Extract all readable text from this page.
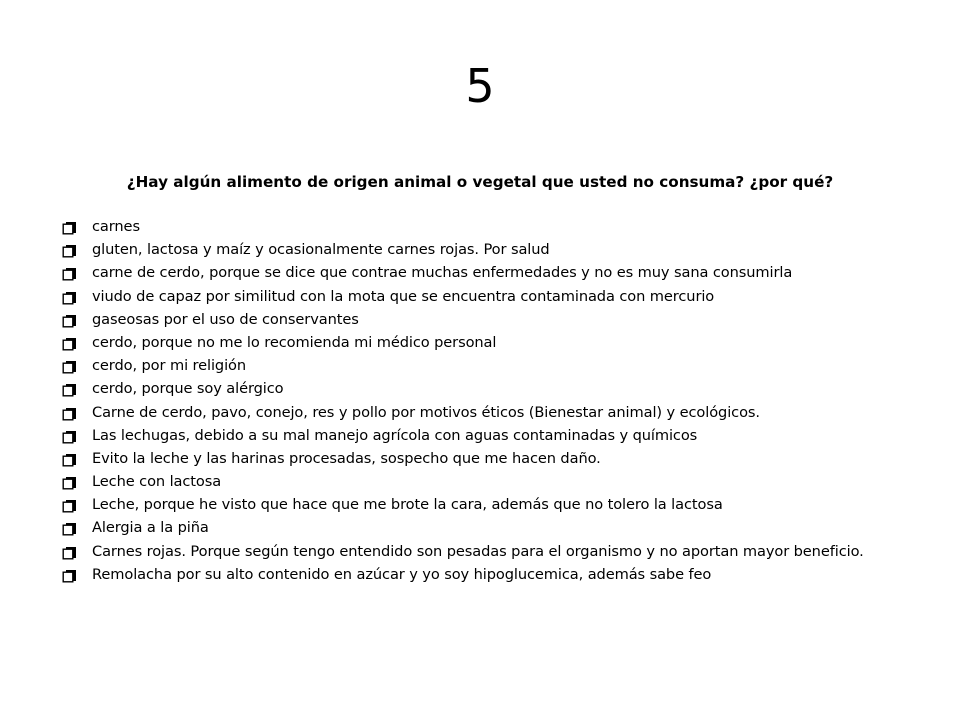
5

¿Hay algún alimento de origen animal o vegetal que usted no consuma? ¿por qué?

carnes
gluten, lactosa y maíz y ocasionalmente carnes rojas. Por salud
carne de cerdo, porque se dice que contrae muchas enfermedades y no es muy sana consumirla
viudo de capaz por similitud con la mota que se encuentra contaminada con mercurio
gaseosas por el uso de conservantes
cerdo, porque no me lo recomienda mi médico personal
cerdo, por mi religión
cerdo, porque soy alérgico
Carne de cerdo, pavo, conejo, res y pollo por motivos éticos (Bienestar animal) y ecológicos.
Las lechugas, debido a su mal manejo agrícola con aguas contaminadas y químicos
Evito la leche y las harinas procesadas, sospecho que me hacen daño.
Leche con lactosa
Leche, porque he visto que hace que me brote la cara, además que no tolero la lactosa
Alergia a la piña
Carnes rojas. Porque según tengo entendido son pesadas para el organismo y no aportan mayor beneficio.
Remolacha por su alto contenido en azúcar y yo soy hipoglucemica, además sabe feo
